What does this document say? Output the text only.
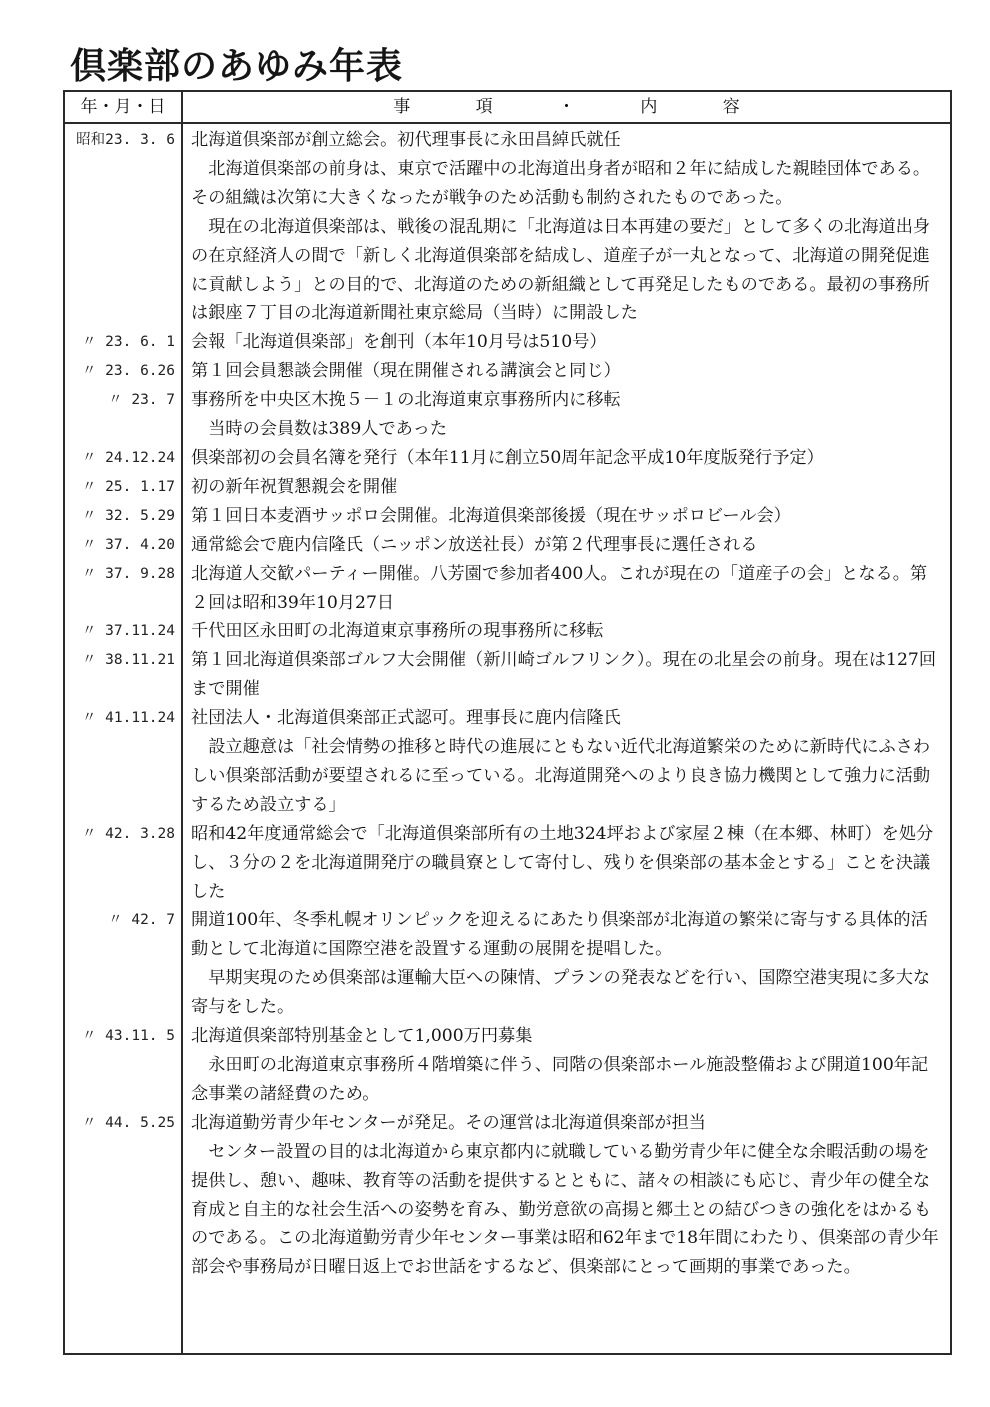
倶楽部のあゆみ年表
年・月・日	事 項 ・ 内 容
昭和23. 3. 6 北海道倶楽部が創立総会。初代理事長に永田昌綽氏就任

北海道倶楽部の前身は、東京で活躍中の北海道出身者が昭和２年に結成した親睦団体である。その組織は次第に大きくなったが戦争のため活動も制約されたものであった。

現在の北海道倶楽部は、戦後の混乱期に「北海道は日本再建の要だ」として多くの北海道出身の在京経済人の間で「新しく北海道倶楽部を結成し、道産子が一丸となって、北海道の開発促進に貢献しよう」との目的で、北海道のための新組織として再発足したものである。最初の事務所は銀座７丁目の北海道新聞社東京総局（当時）に開設した

〃 23. 6. 1 会報「北海道倶楽部」を創刊（本年10月号は510号）

〃 23. 6.26 第１回会員懇談会開催（現在開催される講演会と同じ）

〃 23. 7 事務所を中央区木挽５－１の北海道東京事務所内に移転

当時の会員数は389人であった

〃 24.12.24 倶楽部初の会員名簿を発行（本年11月に創立50周年記念平成10年度版発行予定）

〃 25. 1.17 初の新年祝賀懇親会を開催

〃 32. 5.29 第１回日本麦酒サッポロ会開催。北海道倶楽部後援（現在サッポロビール会）

〃 37. 4.20 通常総会で鹿内信隆氏（ニッポン放送社長）が第２代理事長に選任される

〃 37. 9.28 北海道人交歓パーティー開催。八芳園で参加者400人。これが現在の「道産子の会」となる。第２回は昭和39年10月27日

〃 37.11.24 千代田区永田町の北海道東京事務所の現事務所に移転

〃 38.11.21 第１回北海道倶楽部ゴルフ大会開催（新川崎ゴルフリンク）。現在の北星会の前身。現在は127回まで開催

〃 41.11.24 社団法人・北海道倶楽部正式認可。理事長に鹿内信隆氏

設立趣意は「社会情勢の推移と時代の進展にともない近代北海道繁栄のために新時代にふさわしい倶楽部活動が要望されるに至っている。北海道開発へのより良き協力機関として強力に活動するため設立する」

〃 42. 3.28 昭和42年度通常総会で「北海道倶楽部所有の土地324坪および家屋２棟（在本郷、林町）を処分し、３分の２を北海道開発庁の職員寮として寄付し、残りを倶楽部の基本金とする」ことを決議した

〃 42. 7 開道100年、冬季札幌オリンピックを迎えるにあたり倶楽部が北海道の繁栄に寄与する具体的活動として北海道に国際空港を設置する運動の展開を提唱した。

早期実現のため倶楽部は運輸大臣への陳情、プランの発表などを行い、国際空港実現に多大な寄与をした。

〃 43.11. 5 北海道倶楽部特別基金として1,000万円募集

永田町の北海道東京事務所４階増築に伴う、同階の倶楽部ホール施設整備および開道100年記念事業の諸経費のため。

〃 44. 5.25 北海道勤労青少年センターが発足。その運営は北海道倶楽部が担当

センター設置の目的は北海道から東京都内に就職している勤労青少年に健全な余暇活動の場を提供し、憩い、趣味、教育等の活動を提供するとともに、諸々の相談にも応じ、青少年の健全な育成と自主的な社会生活への姿勢を育み、勤労意欲の高揚と郷土との結びつきの強化をはかるものである。この北海道勤労青少年センター事業は昭和62年まで18年間にわたり、倶楽部の青少年部会や事務局が日曜日返上でお世話をするなど、倶楽部にとって画期的事業であった。
